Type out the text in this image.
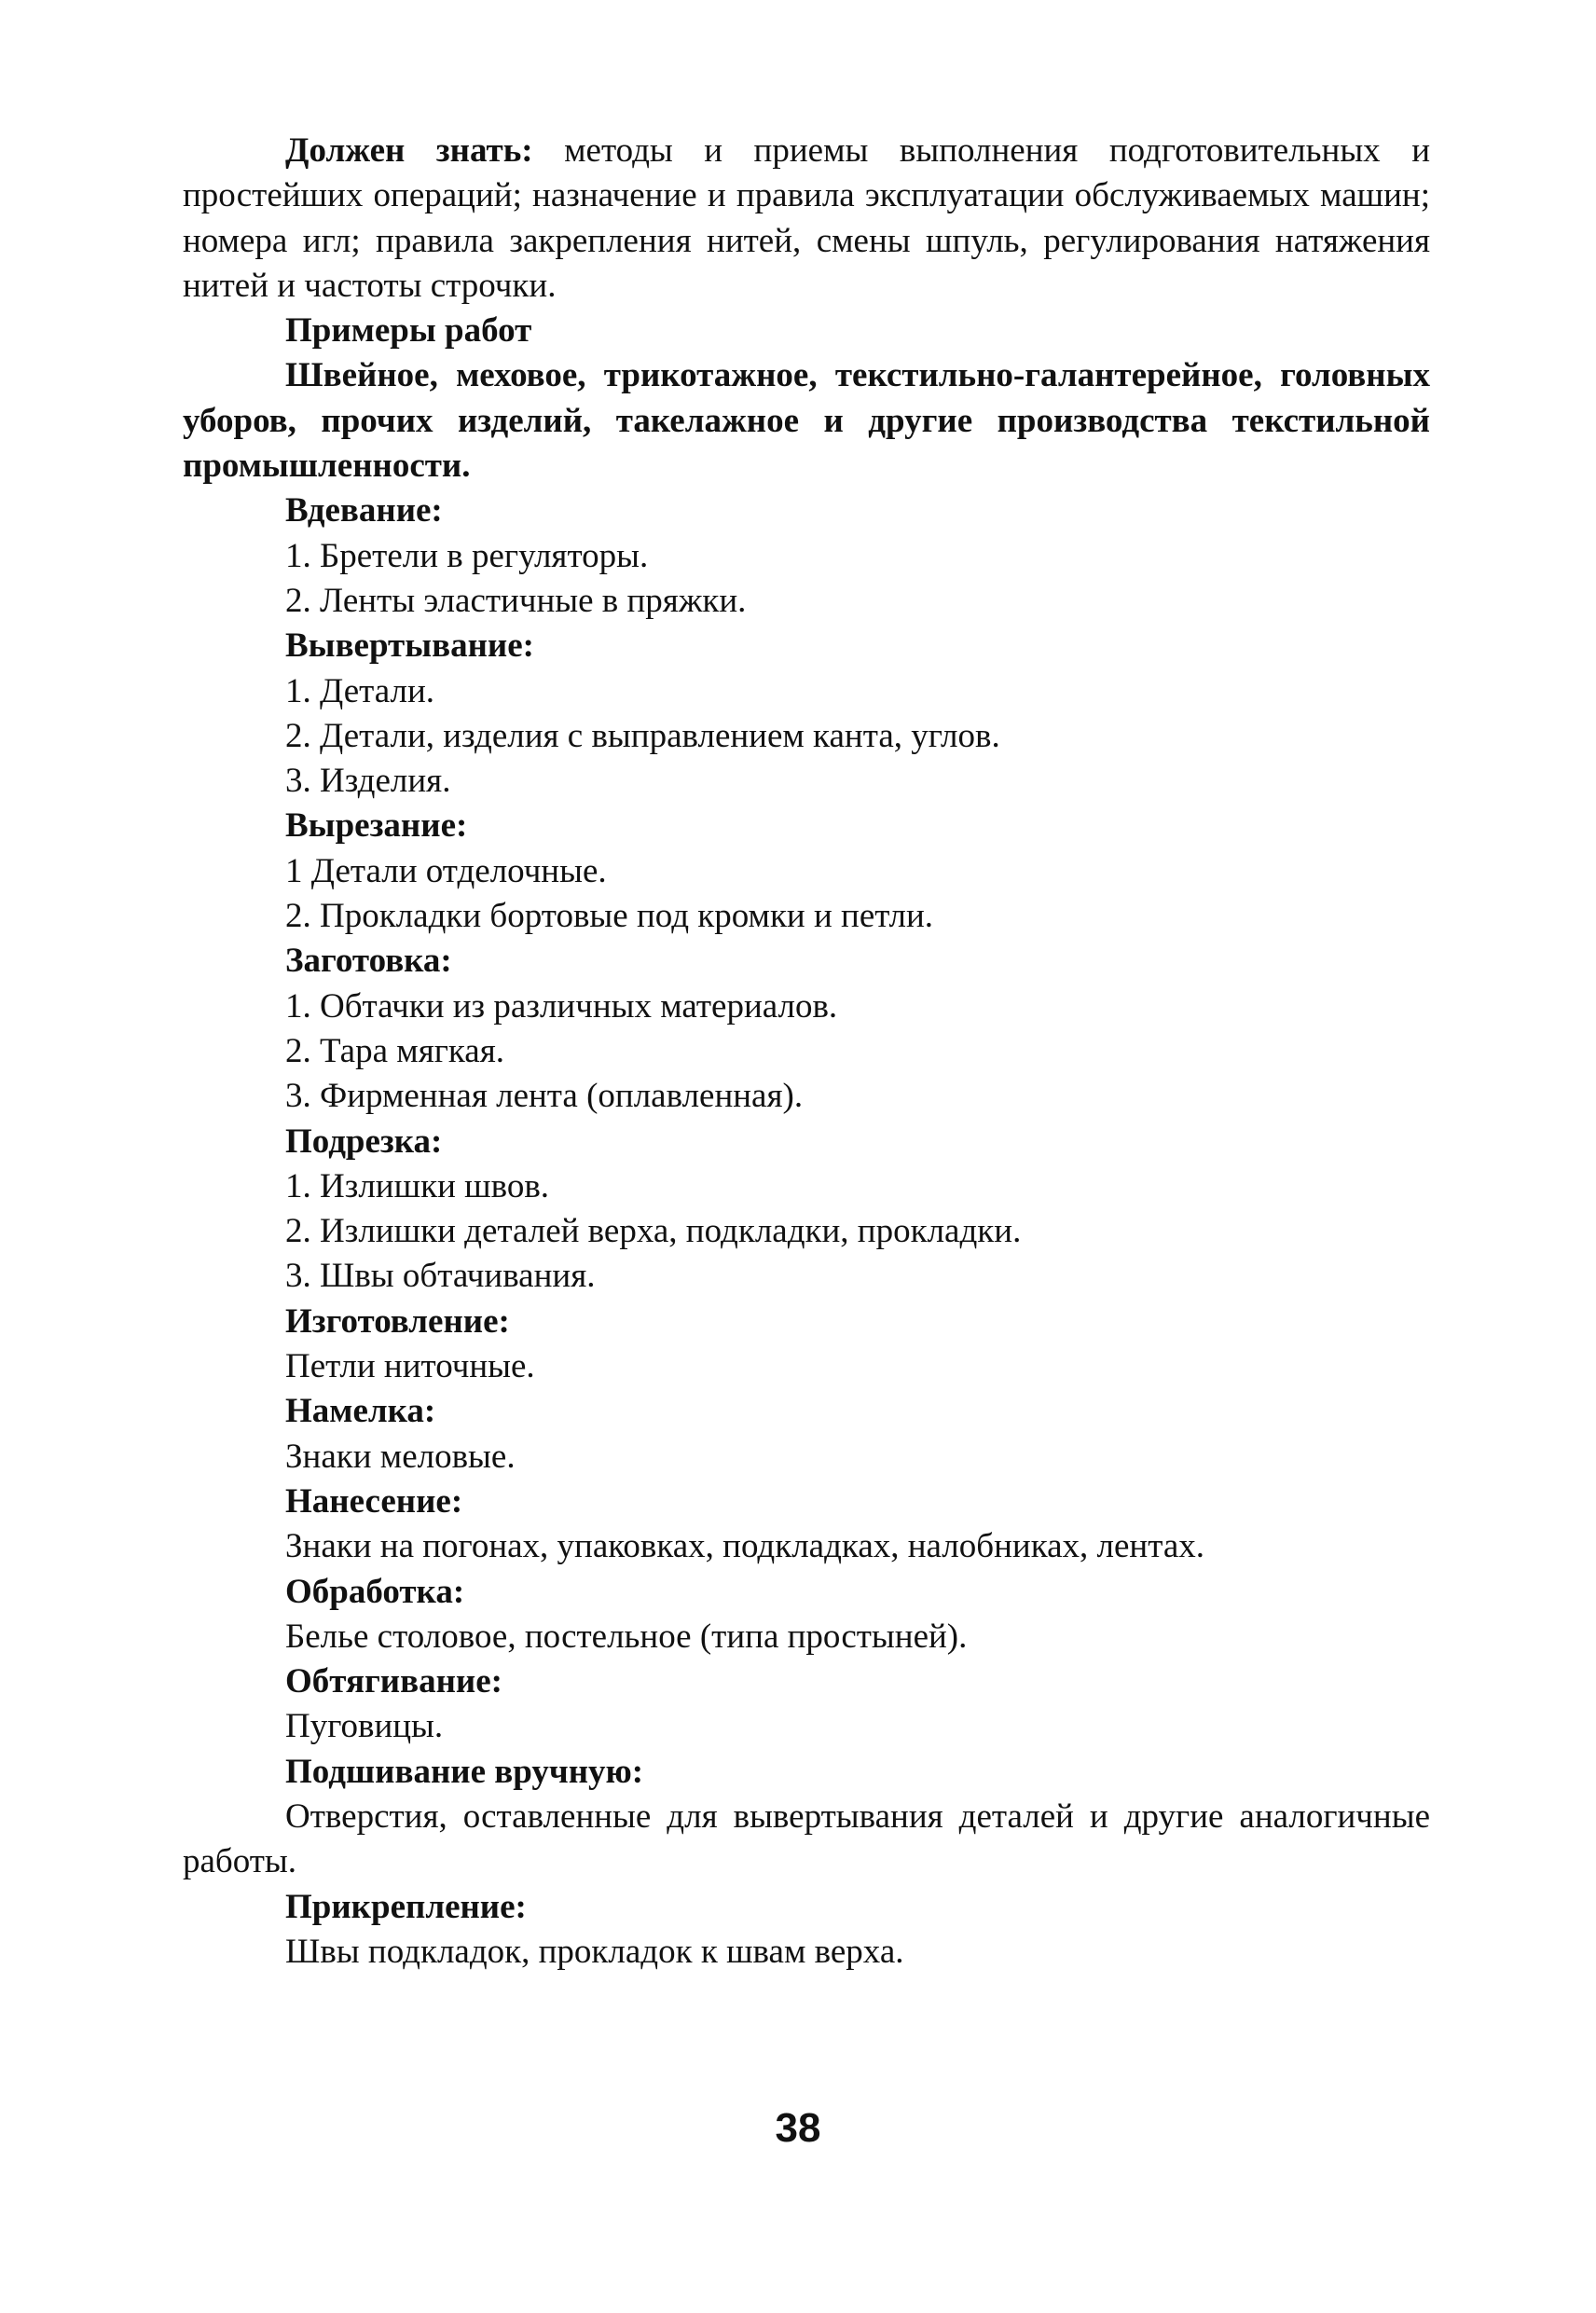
Должен знать: методы и приемы выполнения подготовительных и простейших операций; назначение и правила эксплуатации обслуживаемых машин; номера игл; правила закрепления нитей, смены шпуль, регулирования натяжения нитей и частоты строчки.

Примеры работ

Швейное, меховое, трикотажное, текстильно-галантерейное, головных уборов, прочих изделий, такелажное и другие производства текстильной промышленности.

Вдевание:

1. Бретели в регуляторы.

2. Ленты эластичные в пряжки.

Вывертывание:

1. Детали.

2. Детали, изделия с выправлением канта, углов.

3. Изделия.

Вырезание:

1 Детали отделочные.

2. Прокладки бортовые под кромки и петли.

Заготовка:

1. Обтачки из различных материалов.

2. Тара мягкая.

3. Фирменная лента (оплавленная).

Подрезка:

1. Излишки швов.

2. Излишки деталей верха, подкладки, прокладки.

3. Швы обтачивания.

Изготовление:

Петли ниточные.

Намелка:

Знаки меловые.

Нанесение:

Знаки на погонах, упаковках, подкладках, налобниках, лентах.

Обработка:

Белье столовое, постельное (типа простыней).

Обтягивание:

Пуговицы.

Подшивание вручную:

Отверстия, оставленные для вывертывания деталей и другие аналогичные работы.

Прикрепление:

Швы подкладок, прокладок к швам верха.

38
